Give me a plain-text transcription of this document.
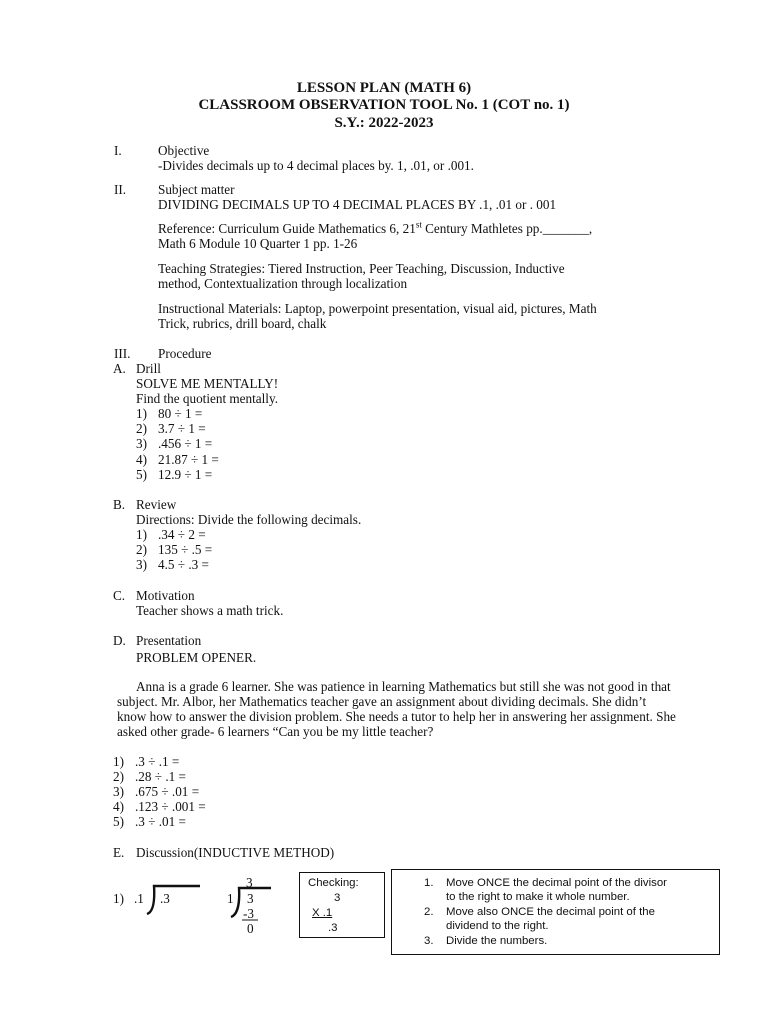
LESSON PLAN (MATH 6)
CLASSROOM OBSERVATION TOOL No. 1 (COT no. 1)
S.Y.: 2022-2023
I.	Objective
-Divides decimals up to 4 decimal places by. 1, .01, or .001.
II. Subject matter
DIVIDING DECIMALS UP TO 4 DECIMAL PLACES BY .1, .01 or . 001
Reference: Curriculum Guide Mathematics 6, 21st Century Mathletes pp._______,
Math 6 Module 10 Quarter 1 pp. 1-26
Teaching Strategies: Tiered Instruction, Peer Teaching, Discussion, Inductive
method, Contextualization through localization
Instructional Materials: Laptop, powerpoint presentation, visual aid, pictures, Math
Trick, rubrics, drill board, chalk
III. Procedure
A. Drill
SOLVE ME MENTALLY!
Find the quotient mentally.
1) 80 ÷ 1 =
2) 3.7 ÷ 1 =
3) .456 ÷ 1 =
4) 21.87 ÷ 1 =
5) 12.9 ÷ 1 =
B. Review
Directions: Divide the following decimals.
1) .34 ÷ 2 =
2) 135 ÷ .5 =
3) 4.5 ÷ .3 =
C. Motivation
Teacher shows a math trick.
D. Presentation
PROBLEM OPENER.
Anna is a grade 6 learner. She was patience in learning Mathematics but still she was not good in that subject. Mr. Albor, her Mathematics teacher gave an assignment about dividing decimals. She didn’t know how to answer the division problem. She needs a tutor to help her in answering her assignment. She asked other grade- 6 learners “Can you be my little teacher?
1) .3 ÷ .1 =
2) .28 ÷ .1 =
3) .675 ÷ .01 =
4) .123 ÷ .001 =
5) .3 ÷ .01 =
E. Discussion(INDUCTIVE METHOD)
1) .1 .3
3
1 3
-3
0
Checking:
3
X .1
.3
1. Move ONCE the decimal point of the divisor
to the right to make it whole number.
2. Move also ONCE the decimal point of the
dividend to the right.
3. Divide the numbers.
